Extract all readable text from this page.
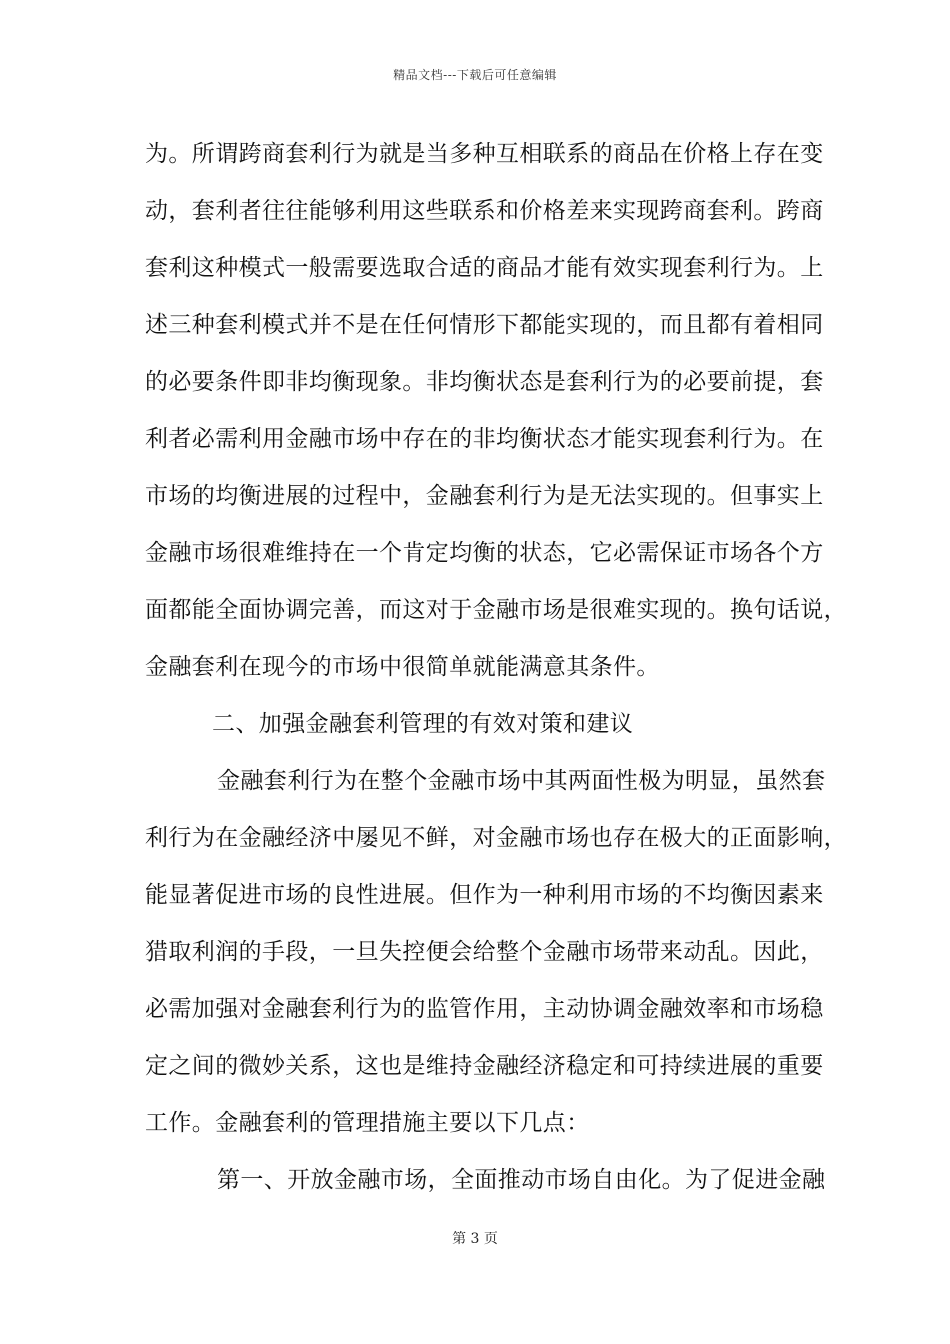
精品文档---下载后可任意编辑
为。所谓跨商套利行为就是当多种互相联系的商品在价格上存在变
动，套利者往往能够利用这些联系和价格差来实现跨商套利。跨商
套利这种模式一般需要选取合适的商品才能有效实现套利行为。上
述三种套利模式并不是在任何情形下都能实现的，而且都有着相同
的必要条件即非均衡现象。非均衡状态是套利行为的必要前提，套
利者必需利用金融市场中存在的非均衡状态才能实现套利行为。在
市场的均衡进展的过程中，金融套利行为是无法实现的。但事实上
金融市场很难维持在一个肯定均衡的状态，它必需保证市场各个方
面都能全面协调完善，而这对于金融市场是很难实现的。换句话说，
金融套利在现今的市场中很简单就能满意其条件。
二、加强金融套利管理的有效对策和建议
金融套利行为在整个金融市场中其两面性极为明显，虽然套
利行为在金融经济中屡见不鲜，对金融市场也存在极大的正面影响，
能显著促进市场的良性进展。但作为一种利用市场的不均衡因素来
猎取利润的手段，一旦失控便会给整个金融市场带来动乱。因此，
必需加强对金融套利行为的监管作用，主动协调金融效率和市场稳
定之间的微妙关系，这也是维持金融经济稳定和可持续进展的重要
工作。金融套利的管理措施主要以下几点：
第一、开放金融市场，全面推动市场自由化。为了促进金融
第 3 页
